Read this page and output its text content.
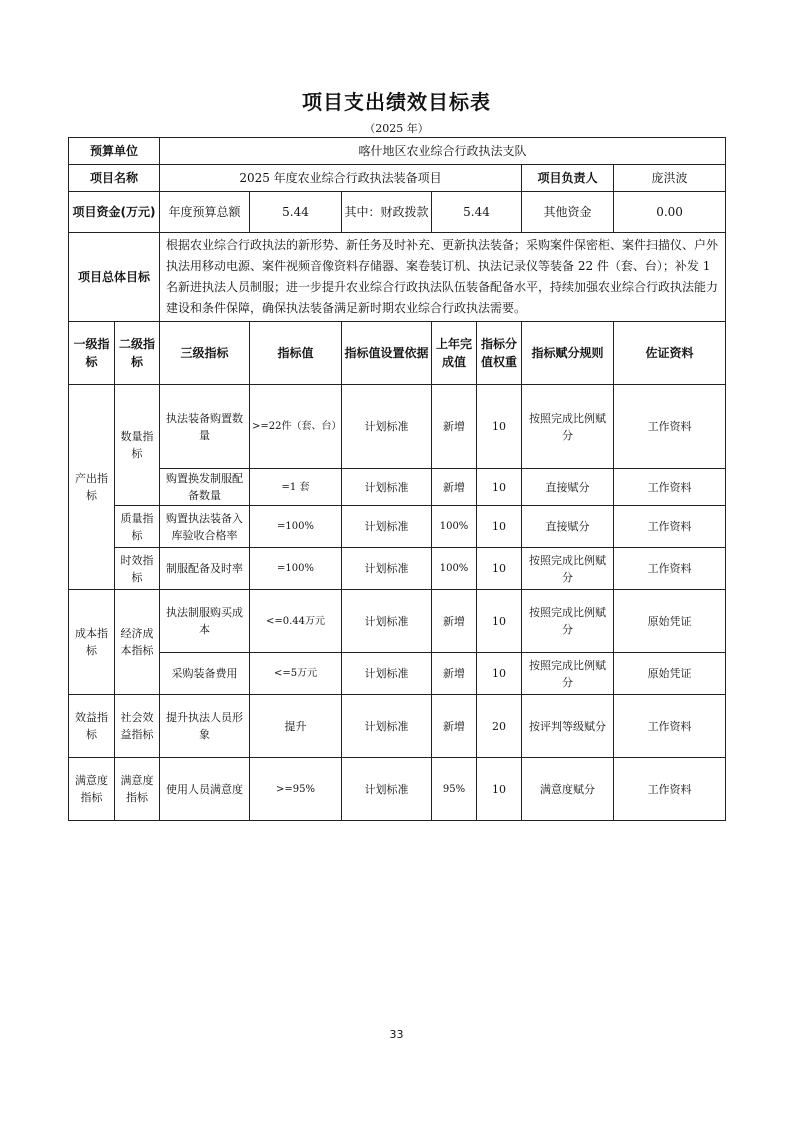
项目支出绩效目标表
（2025 年）
预算单位		喀什地区农业综合行政执法支队						
项目名称		2025 年度农业综合行政执法装备项目					项目负责人	庞洪波
项目资金(万元)		年度预算总额	5.44	其中：财政拨款	5.44		其他资金	0.00
项目总体目标		根据农业综合行政执法的新形势、新任务及时补充、更新执法装备；采购案件保密柜、案件扫描仪、户外执法用移动电源、案件视频音像资料存储器、案卷装订机、执法记录仪等装备 22 件（套、台）；补发 1 名新进执法人员制服；进一步提升农业综合行政执法队伍装备配备水平，持续加强农业综合行政执法能力建设和条件保障，确保执法装备满足新时期农业综合行政执法需要。						
一级指标	二级指标	三级指标	指标值	指标值设置依据	上年完成值	指标分值权重	指标赋分规则	佐证资料
产出指标	数量指标	执法装备购置数量	>=22件（套、台）	计划标准	新增	10	按照完成比例赋分	工作资料
		购置换发制服配备数量	=1 套	计划标准	新增	10	直接赋分	工作资料
	质量指标	购置执法装备入库验收合格率	=100%	计划标准	100%	10	直接赋分	工作资料
	时效指标	制服配备及时率	=100%	计划标准	100%	10	按照完成比例赋分	工作资料
成本指标	经济成本指标	执法制服购买成本	<=0.44万元	计划标准	新增	10	按照完成比例赋分	原始凭证
		采购装备费用	<=5万元	计划标准	新增	10	按照完成比例赋分	原始凭证
效益指标	社会效益指标	提升执法人员形象	提升	计划标准	新增	20	按评判等级赋分	工作资料
满意度指标	满意度指标	使用人员满意度	>=95%	计划标准	95%	10	满意度赋分	工作资料
33
